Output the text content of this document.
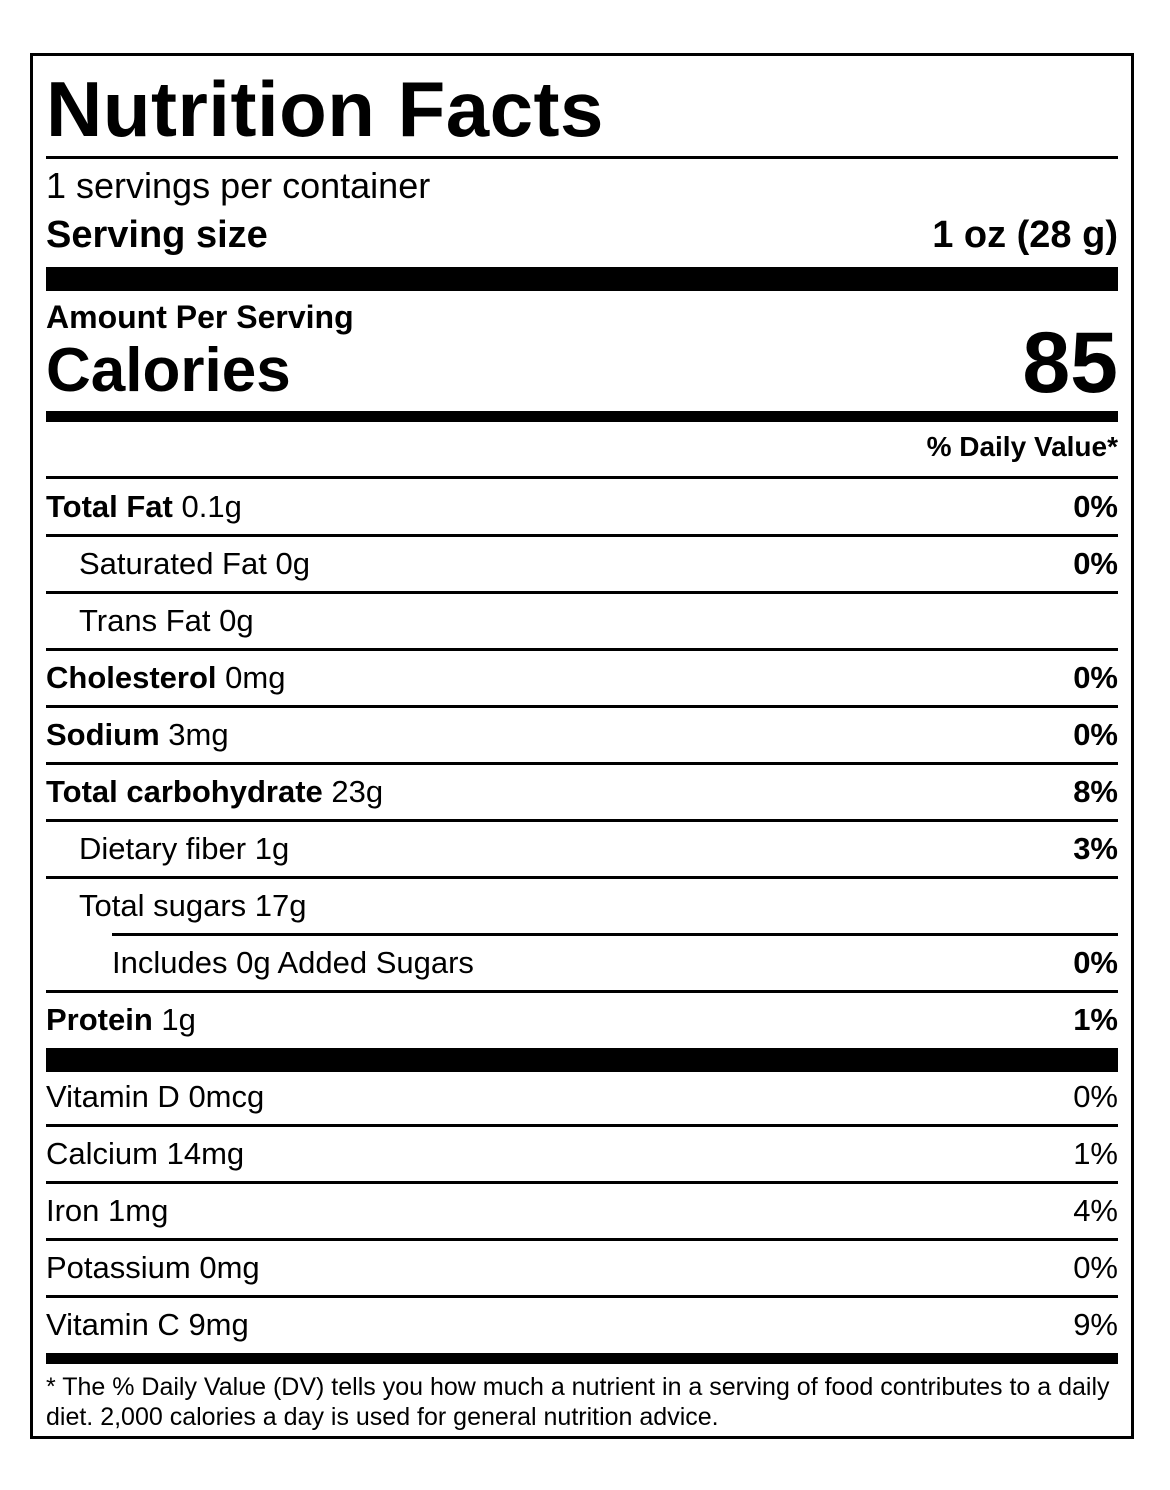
Nutrition Facts
1 servings per container
Serving size	1 oz (28 g)
Amount Per Serving
Calories	85
% Daily Value*
Total Fat 0.1g	0%
Saturated Fat 0g	0%
Trans Fat 0g
Cholesterol 0mg	0%
Sodium 3mg	0%
Total carbohydrate 23g	8%
Dietary fiber 1g	3%
Total sugars 17g
Includes 0g Added Sugars	0%
Protein 1g	1%
Vitamin D 0mcg	0%
Calcium 14mg	1%
Iron 1mg	4%
Potassium 0mg	0%
Vitamin C 9mg	9%
* The % Daily Value (DV) tells you how much a nutrient in a serving of food contributes to a daily diet. 2,000 calories a day is used for general nutrition advice.
